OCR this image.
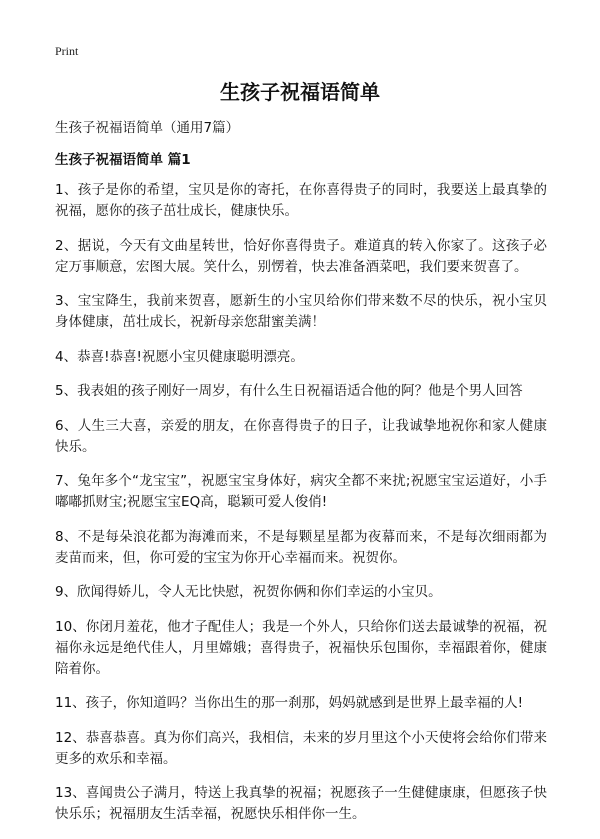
Print
生孩子祝福语简单

生孩子祝福语简单（通用7篇）

生孩子祝福语简单 篇1
1、孩子是你的希望，宝贝是你的寄托，在你喜得贵子的同时，我要送上最真挚的祝福，愿你的孩子茁壮成长，健康快乐。
2、据说，今天有文曲星转世，恰好你喜得贵子。难道真的转入你家了。这孩子必定万事顺意，宏图大展。笑什么，别愣着，快去准备酒菜吧，我们要来贺喜了。
3、宝宝降生，我前来贺喜，愿新生的小宝贝给你们带来数不尽的快乐，祝小宝贝身体健康，茁壮成长，祝新母亲您甜蜜美满！
4、恭喜!恭喜!祝愿小宝贝健康聪明漂亮。
5、我表姐的孩子刚好一周岁，有什么生日祝福语适合他的阿？他是个男人回答
6、人生三大喜，亲爱的朋友，在你喜得贵子的日子，让我诚挚地祝你和家人健康快乐。
7、兔年多个“龙宝宝”，祝愿宝宝身体好，病灾全都不来扰;祝愿宝宝运道好，小手嘟嘟抓财宝;祝愿宝宝EQ高，聪颖可爱人俊俏!
8、不是每朵浪花都为海滩而来，不是每颗星星都为夜幕而来，不是每次细雨都为麦苗而来，但，你可爱的宝宝为你开心幸福而来。祝贺你。
9、欣闻得娇儿，令人无比快慰，祝贺你俩和你们幸运的小宝贝。
10、你闭月羞花，他才子配佳人；我是一个外人，只给你们送去最诚挚的祝福，祝福你永远是绝代佳人，月里嫦娥；喜得贵子，祝福快乐包围你，幸福跟着你，健康陪着你。
11、孩子，你知道吗？当你出生的那一刹那，妈妈就感到是世界上最幸福的人!
12、恭喜恭喜。真为你们高兴，我相信，未来的岁月里这个小天使将会给你们带来更多的欢乐和幸福。
13、喜闻贵公子满月，特送上我真挚的祝福；祝愿孩子一生健健康康，但愿孩子快快乐乐；祝福朋友生活幸福，祝愿快乐相伴你一生。
